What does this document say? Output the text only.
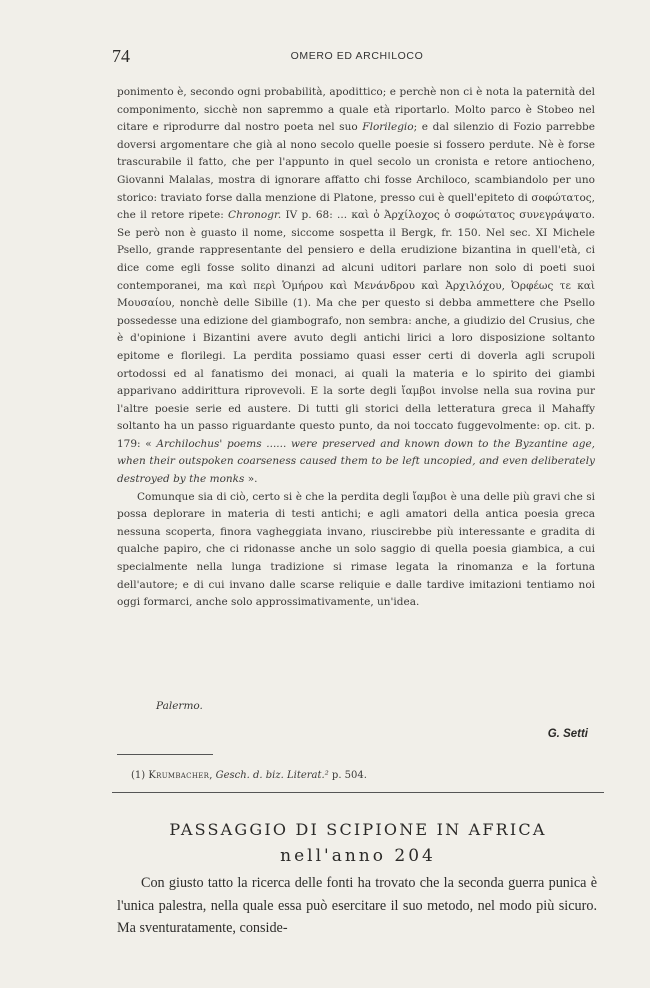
74	OMERO ED ARCHILOCO

ponimento è, secondo ogni probabilità, apodittico; e perchè non ci è nota la paternità del componimento, sicchè non sapremmo a quale età riportarlo. Molto parco è Stobeo nel citare e riprodurre dal nostro poeta nel suo Florilegio; e dal silenzio di Fozio parrebbe doversi argomentare che già al nono secolo quelle poesie si fossero perdute. Nè è forse trascurabile il fatto, che per l'appunto in quel secolo un cronista e retore antiocheno, Giovanni Malalas, mostra di ignorare affatto chi fosse Archiloco, scambiandolo per uno storico: traviato forse dalla menzione di Platone, presso cui è quell'epiteto di σοφώτατος, che il retore ripete: Chronogr. IV p. 68: ... καὶ ὁ Ἀρχίλοχος ὁ σοφώτατος συνεγράψατο. Se però non è guasto il nome, siccome sospetta il Bergk, fr. 150. Nel sec. XI Michele Psello, grande rappresentante del pensiero e della erudizione bizantina in quell'età, ci dice come egli fosse solito dinanzi ad alcuni uditori parlare non solo di poeti suoi contemporanei, ma καὶ περὶ Ὁμήρου καὶ Μενάνδρου καὶ Ἀρχιλόχου, Ὀρφέως τε καὶ Μουσαίου, nonchè delle Sibille (1). Ma che per questo si debba ammettere che Psello possedesse una edizione del giambografo, non sembra: anche, a giudizio del Crusius, che è d'opinione i Bizantini avere avuto degli antichi lirici a loro disposizione soltanto epitome e florilegi. La perdita possiamo quasi esser certi di doverla agli scrupoli ortodossi ed al fanatismo dei monaci, ai quali la materia e lo spirito dei giambi apparivano addirittura riprovevoli. E la sorte degli ἴαμβοι involse nella sua rovina pur l'altre poesie serie ed austere. Di tutti gli storici della letteratura greca il Mahaffy soltanto ha un passo riguardante questo punto, da noi toccato fuggevolmente: op. cit. p. 179: « Archilochus' poems ...... were preserved and known down to the Byzantine age, when their outspoken coarseness caused them to be left uncopied, and even deliberately destroyed by the monks ».

Comunque sia di ciò, certo si è che la perdita degli ἴαμβοι è una delle più gravi che si possa deplorare in materia di testi antichi; e agli amatori della antica poesia greca nessuna scoperta, finora vagheggiata invano, riuscirebbe più interessante e gradita di qualche papiro, che ci ridonasse anche un solo saggio di quella poesia giambica, a cui specialmente nella lunga tradizione si rimase legata la rinomanza e la fortuna dell'autore; e di cui invano dalle scarse reliquie e dalle tardive imitazioni tentiamo noi oggi formarci, anche solo approssimativamente, un'idea.

Palermo.
G. Setti
(1) Krumbacher, Gesch. d. biz. Literat.² p. 504.
PASSAGGIO DI SCIPIONE IN AFRICA
nell'anno 204

Con giusto tatto la ricerca delle fonti ha trovato che la seconda guerra punica è l'unica palestra, nella quale essa può esercitare il suo metodo, nel modo più sicuro. Ma sventuratamente, conside-
